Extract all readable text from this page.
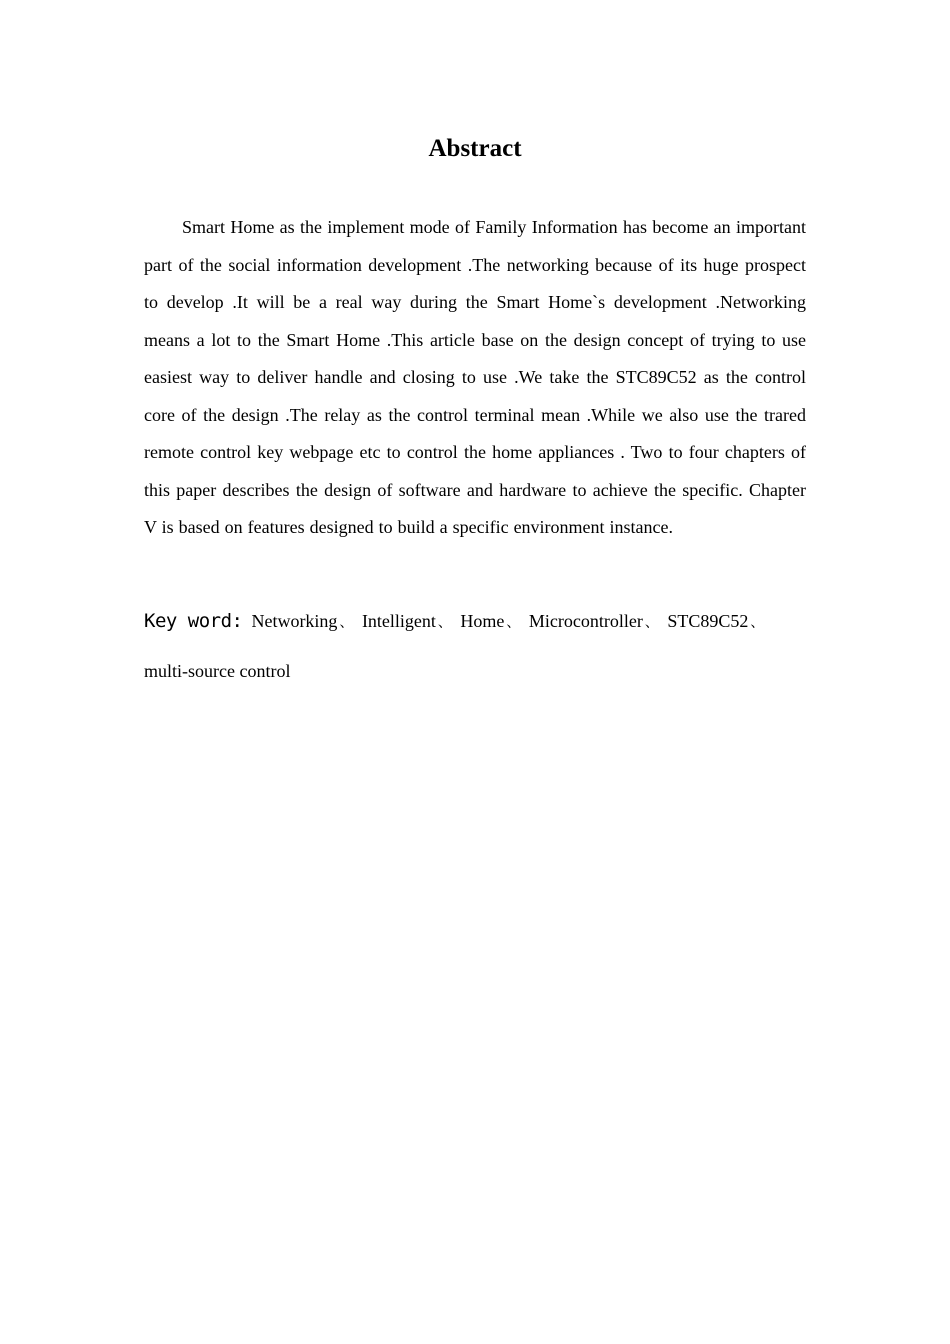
Abstract

Smart Home as the implement mode of Family Information has become an important part of the social information development .The networking because of its huge prospect to develop .It will be a real way during the Smart Home`s development .Networking means a lot to the Smart Home .This article base on the design concept of trying to use easiest way to deliver handle and closing to use .We take the STC89C52 as the control core of the design .The relay as the control terminal mean .While we also use the trared remote control key webpage etc to control the home appliances . Two to four chapters of this paper describes the design of software and hardware to achieve the specific. Chapter V is based on features designed to build a specific environment instance.

Key word: Networking 、 Intelligent 、 Home 、 Microcontroller 、 STC89C52 、
multi-source control
